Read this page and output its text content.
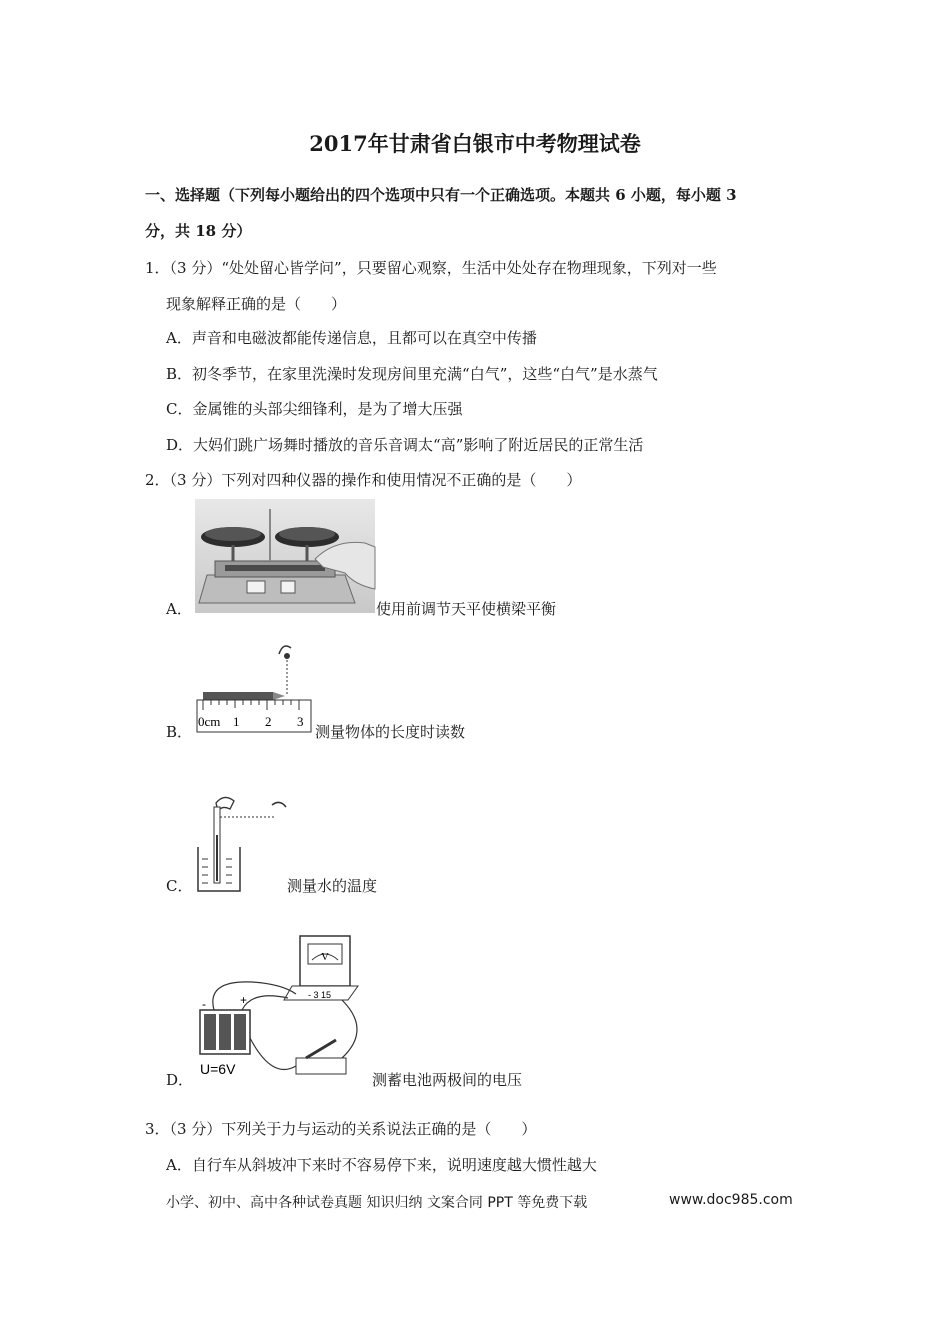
2017年甘肃省白银市中考物理试卷
一、选择题（下列每小题给出的四个选项中只有一个正确选项。本题共 6 小题，每小题 3
分，共 18 分）
1．（3 分）“处处留心皆学问”，只要留心观察，生活中处处存在物理现象，下列对一些
现象解释正确的是（　　）
A．声音和电磁波都能传递信息，且都可以在真空中传播
B．初冬季节，在家里洗澡时发现房间里充满“白气”，这些“白气”是水蒸气
C．金属锥的头部尖细锋利，是为了增大压强
D．大妈们跳广场舞时播放的音乐音调太“高”影响了附近居民的正常生活
2．（3 分）下列对四种仪器的操作和使用情况不正确的是（　　）
A．	使用前调节天平使横梁平衡
0cm 1 2 3
B．	测量物体的长度时读数
C．	测量水的温度
V
- 3 15
-	+
U=6V
D．	测蓄电池两极间的电压
3．（3 分）下列关于力与运动的关系说法正确的是（　　）
A．自行车从斜坡冲下来时不容易停下来，说明速度越大惯性越大
小学、初中、高中各种试卷真题 知识归纳 文案合同 PPT 等免费下载	www.doc985.com
